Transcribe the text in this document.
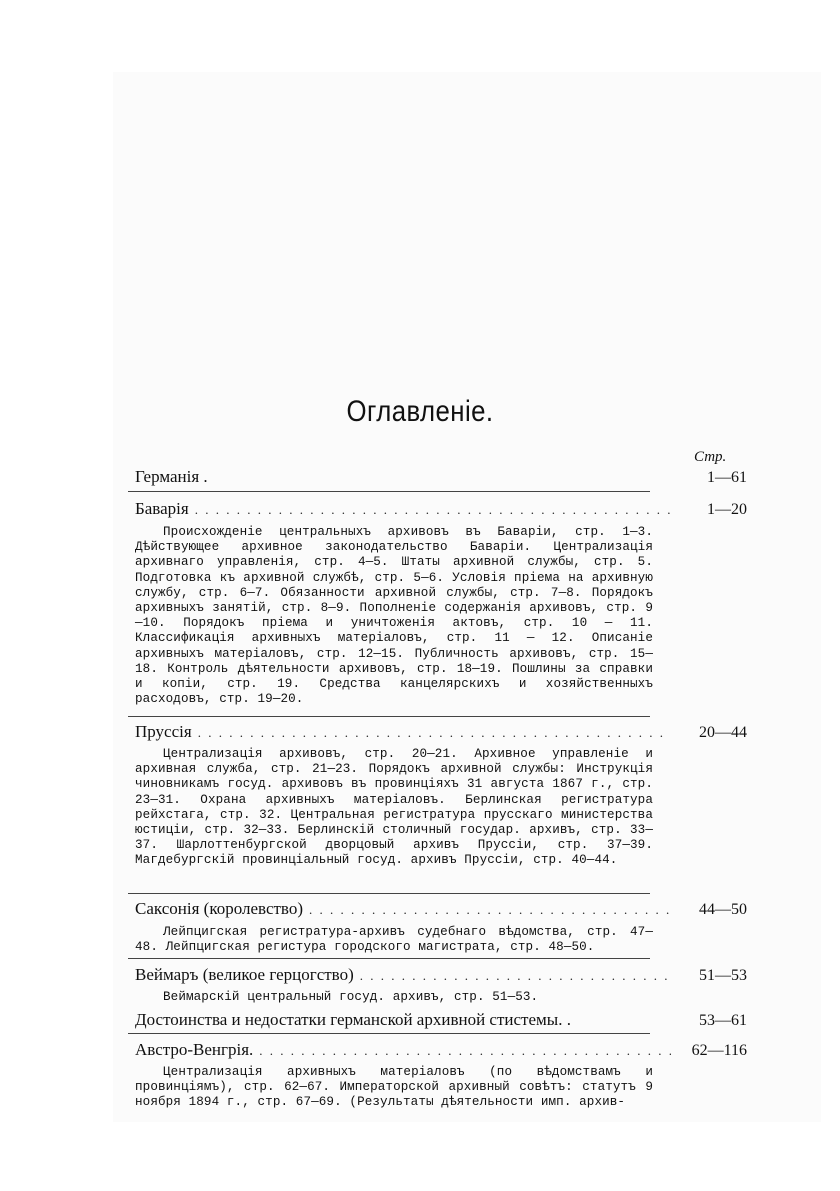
Оглавленіе.
Стр.
Германія .	1—61
Баварія . . .	1—20

Происхожденіе центральныхъ архивовъ въ Баваріи, стр. 1—3. Дѣйствующее архивное законодательство Баваріи. Централизація архивнаго управленія, стр. 4—5. Штаты архивной службы, стр. 5. Подготовка къ архивной службѣ, стр. 5—6. Условія пріема на архивную службу, стр. 6—7. Обязанности архивной службы, стр. 7—8. Порядокъ архивныхъ занятій, стр. 8—9. Пополненіе содержанія архивовъ, стр. 9—10. Порядокъ пріема и уничтоженія актовъ, стр. 10 — 11. Классификація архивныхъ матеріаловъ, стр. 11 — 12. Описаніе архивныхъ матеріаловъ, стр. 12—15. Публичность архивовъ, стр. 15—18. Контроль дѣятельности архивовъ, стр. 18—19. Пошлины за справки и копіи, стр. 19. Средства канцелярскихъ и хозяйственныхъ расходовъ, стр. 19—20.

Пруссія . . .	20—44

Централизація архивовъ, стр. 20—21. Архивное управленіе и архивная служба, стр. 21—23. Порядокъ архивной службы: Инструкція чиновникамъ госуд. архивовъ въ провинціяхъ 31 августа 1867 г., стр. 23—31. Охрана архивныхъ матеріаловъ. Берлинская регистратура рейхстага, стр. 32. Центральная регистратура прусскаго министерства юстиціи, стр. 32—33. Берлинскій столичный государ. архивъ, стр. 33—37. Шарлоттенбургской дворцовый архивъ Пруссіи, стр. 37—39. Магдебургскій провинціальный госуд. архивъ Пруссіи, стр. 40—44.

Саксонія (королевство) . . .	44—50

Лейпцигская регистратура-архивъ судебнаго вѣдомства, стр. 47—48. Лейпцигская регистура городского магистрата, стр. 48—50.

Веймаръ (великое герцогство) . . .	51—53

Веймарскій центральный госуд. архивъ, стр. 51—53.

Достоинства и недостатки германской архивной стистемы. .	53—61
Австро-Венгрія. . . .	62—116

Централизація архивныхъ матеріаловъ (по вѣдомствамъ и провинціямъ), стр. 62—67. Императорской архивный совѣтъ: статутъ 9 ноября 1894 г., стр. 67—69. (Результаты дѣятельности имп. архив-
